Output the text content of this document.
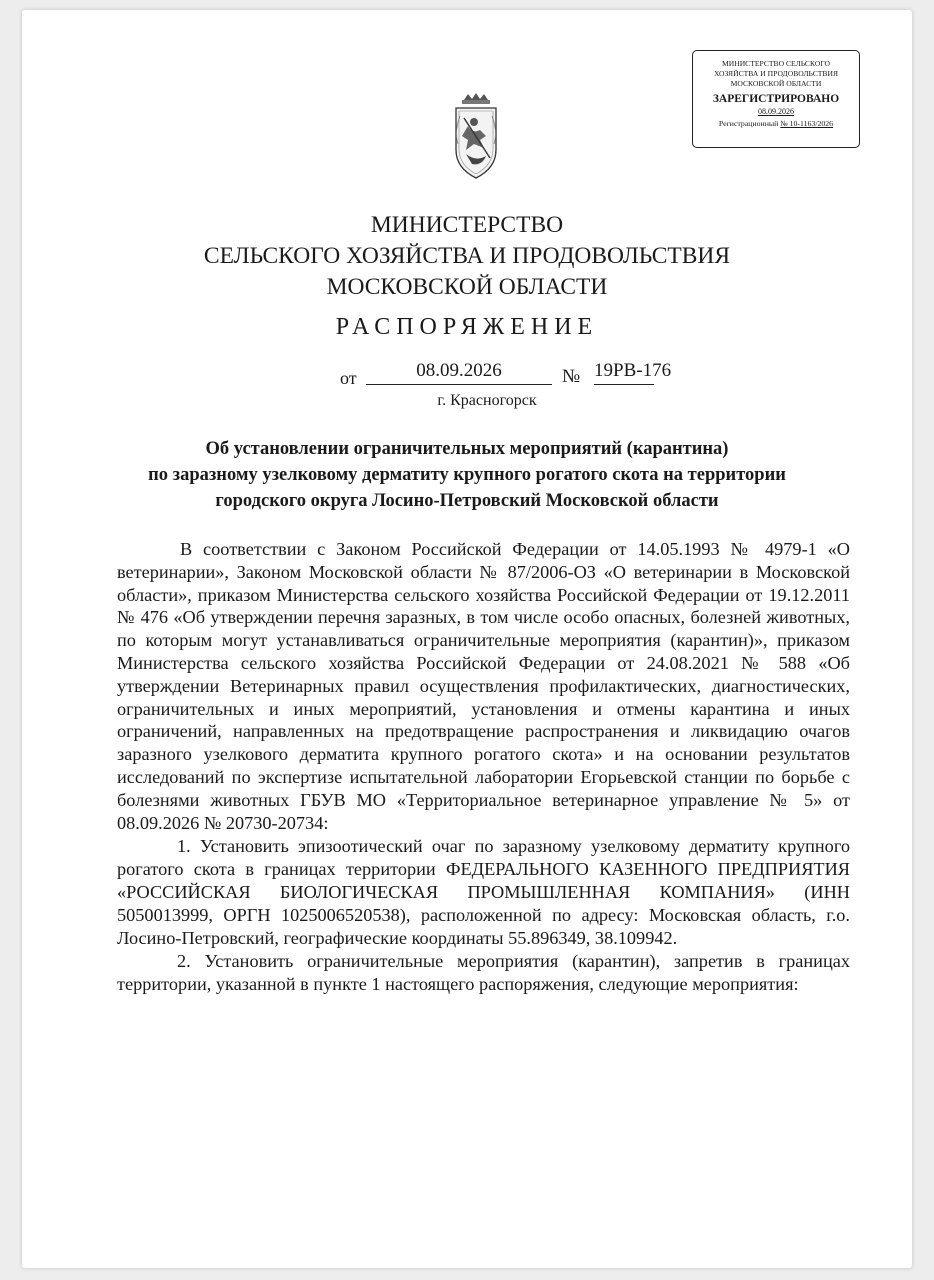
МИНИСТЕРСТВО СЕЛЬСКОГО
ХОЗЯЙСТВА И ПРОДОВОЛЬСТВИЯ
МОСКОВСКОЙ ОБЛАСТИ
ЗАРЕГИСТРИРОВАНО
08.09.2026
Регистрационный № 10-1163/2026
МИНИСТЕРСТВО
СЕЛЬСКОГО ХОЗЯЙСТВА И ПРОДОВОЛЬСТВИЯ
МОСКОВСКОЙ ОБЛАСТИ
РАСПОРЯЖЕНИЕ
от	08.09.2026	№ 19РВ-176
г. Красногорск
Об установлении ограничительных мероприятий (карантина)
по заразному узелковому дерматиту крупного рогатого скота на территории
городского округа Лосино-Петровский Московской области

В соответствии с Законом Российской Федерации от 14.05.1993 № 4979-1 «О ветеринарии», Законом Московской области № 87/2006-ОЗ «О ветеринарии в Московской области», приказом Министерства сельского хозяйства Российской Федерации от 19.12.2011 № 476 «Об утверждении перечня заразных, в том числе особо опасных, болезней животных, по которым могут устанавливаться ограничительные мероприятия (карантин)», приказом Министерства сельского хозяйства Российской Федерации от 24.08.2021 № 588 «Об утверждении Ветеринарных правил осуществления профилактических, диагностических, ограничительных и иных мероприятий, установления и отмены карантина и иных ограничений, направленных на предотвращение распространения и ликвидацию очагов заразного узелкового дерматита крупного рогатого скота» и на основании результатов исследований по экспертизе испытательной лаборатории Егорьевской станции по борьбе с болезнями животных ГБУВ МО «Территориальное ветеринарное управление № 5» от 08.09.2026 № 20730-20734:

1. Установить эпизоотический очаг по заразному узелковому дерматиту крупного рогатого скота в границах территории ФЕДЕРАЛЬНОГО КАЗЕННОГО ПРЕДПРИЯТИЯ «РОССИЙСКАЯ БИОЛОГИЧЕСКАЯ ПРОМЫШЛЕННАЯ КОМПАНИЯ» (ИНН 5050013999, ОРГН 1025006520538), расположенной по адресу: Московская область, г.о. Лосино-Петровский, географические координаты 55.896349, 38.109942.

2. Установить ограничительные мероприятия (карантин), запретив в границах территории, указанной в пункте 1 настоящего распоряжения, следующие мероприятия:
